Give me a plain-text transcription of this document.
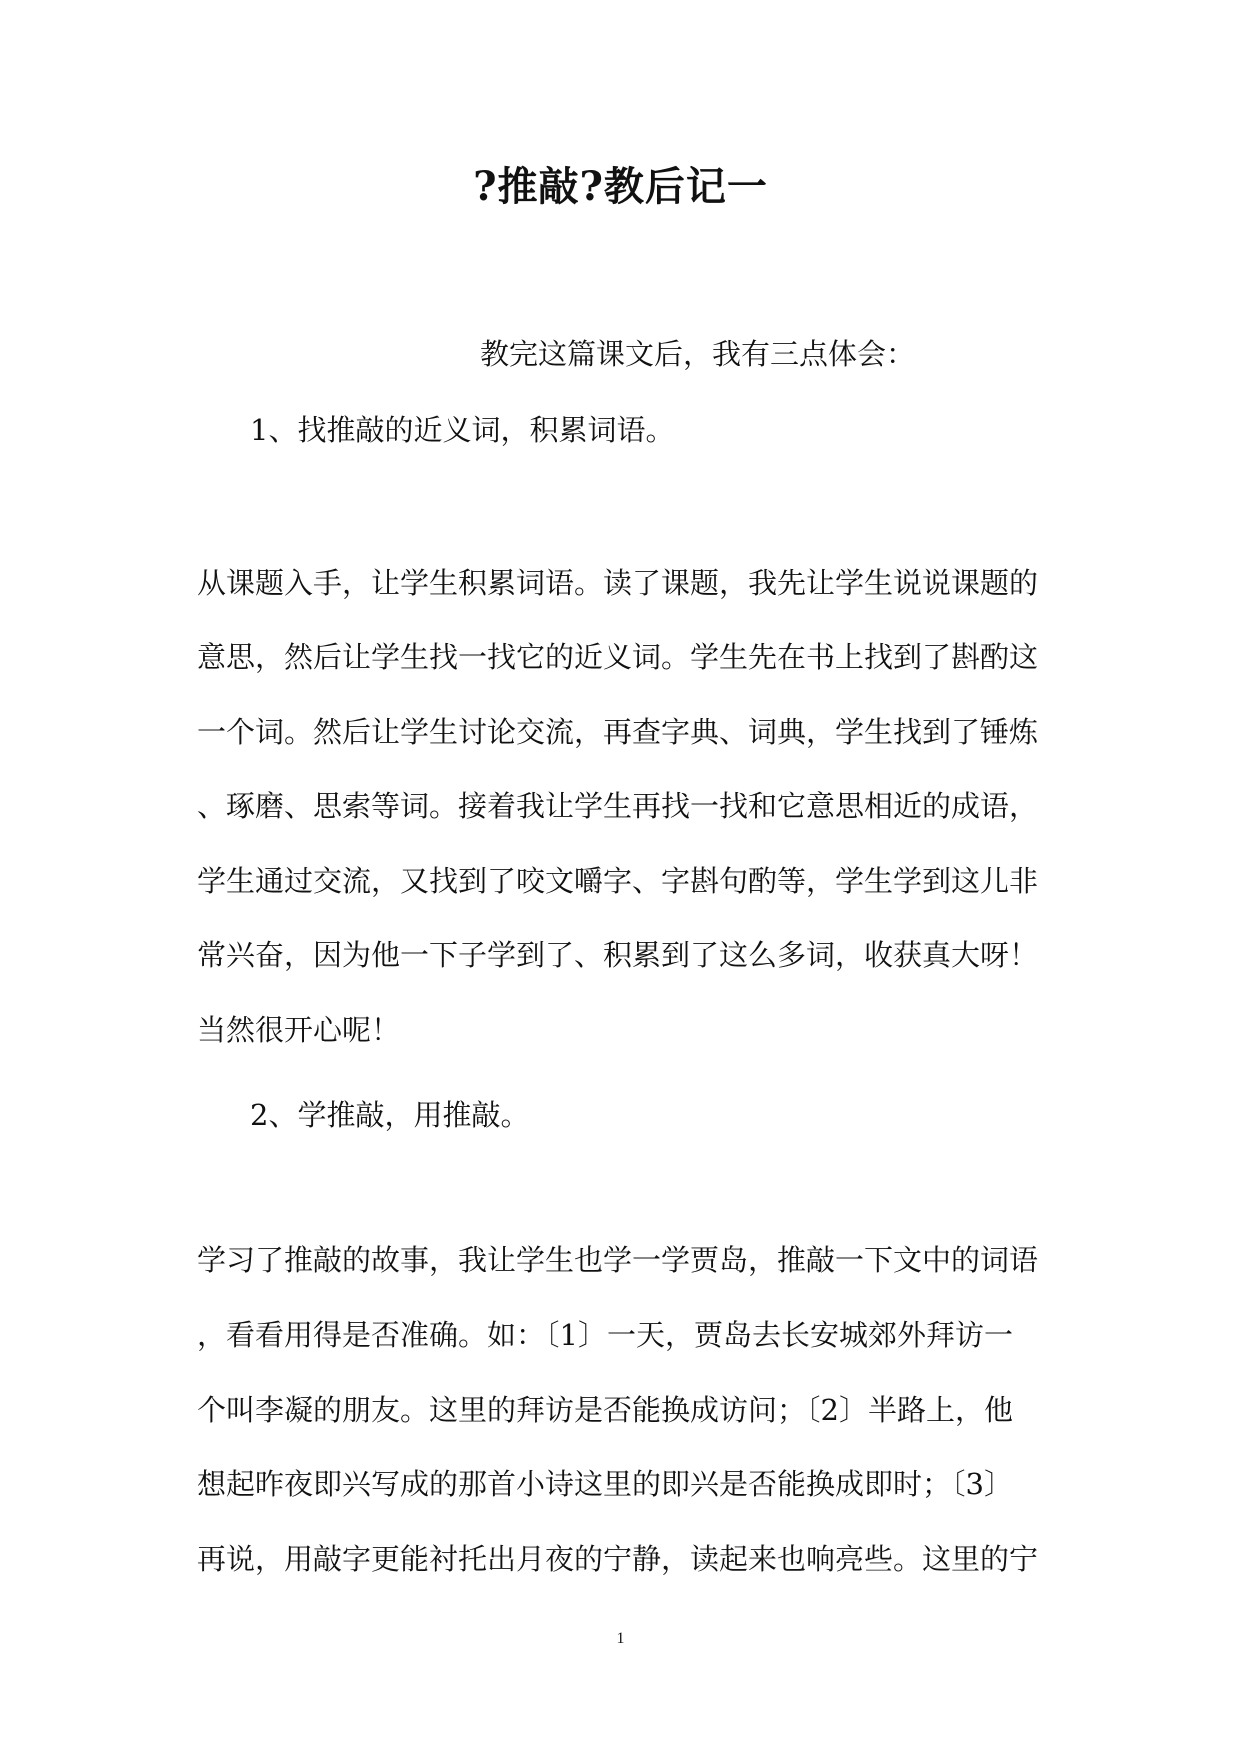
?推敲?教后记一
教完这篇课文后，我有三点体会：
1、找推敲的近义词，积累词语。
从课题入手，让学生积累词语。读了课题，我先让学生说说课题的
意思，然后让学生找一找它的近义词。学生先在书上找到了斟酌这
一个词。然后让学生讨论交流，再查字典、词典，学生找到了锤炼
、琢磨、思索等词。接着我让学生再找一找和它意思相近的成语，
学生通过交流，又找到了咬文嚼字、字斟句酌等，学生学到这儿非
常兴奋，因为他一下子学到了、积累到了这么多词，收获真大呀！
当然很开心呢！
2、学推敲，用推敲。
学习了推敲的故事，我让学生也学一学贾岛，推敲一下文中的词语
，看看用得是否准确。如：〔1〕一天，贾岛去长安城郊外拜访一
个叫李凝的朋友。这里的拜访是否能换成访问；〔2〕半路上，他
想起昨夜即兴写成的那首小诗这里的即兴是否能换成即时；〔3〕
再说，用敲字更能衬托出月夜的宁静，读起来也响亮些。这里的宁
1
